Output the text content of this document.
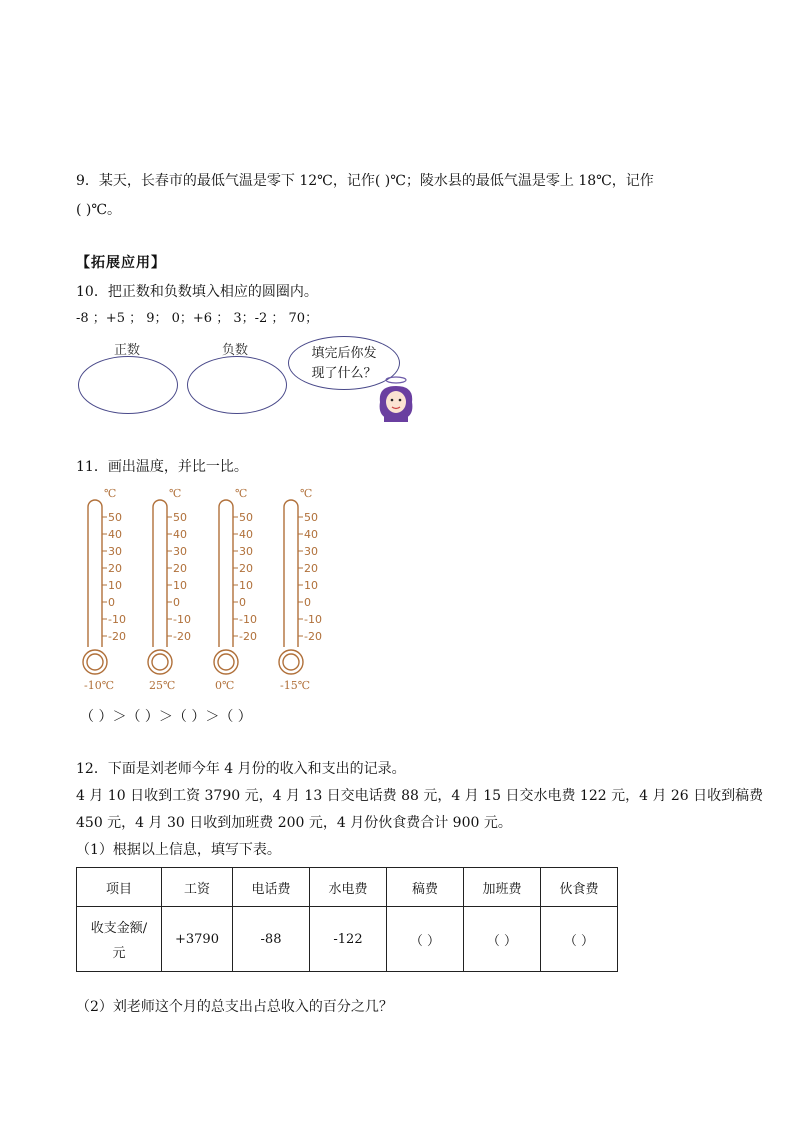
9．某天，长春市的最低气温是零下 12℃，记作( )℃；陵水县的最低气温是零上 18℃，记作
( )℃。
【拓展应用】
10．把正数和负数填入相应的圆圈内。
-8 ；+5 ； 9； 0；+6 ； 3；-2 ； 70；
正数	负数	填完后你发
现了什么？
11．画出温度，并比一比。
℃
50
40
30
20
10
0
-10
-20
-10℃
℃
50
40
30
20
10
0
-10
-20
25℃
℃
50
40
30
20
10
0
-10
-20
0℃
℃
50
40
30
20
10
0
-10
-20
-15℃
（ ）＞（ ）＞（ ）＞（ ）
12．下面是刘老师今年 4 月份的收入和支出的记录。
4 月 10 日收到工资 3790 元，4 月 13 日交电话费 88 元，4 月 15 日交水电费 122 元，4 月 26 日收到稿费
450 元，4 月 30 日收到加班费 200 元，4 月份伙食费合计 900 元。
（1）根据以上信息，填写下表。
项目	工资	电话费	水电费	稿费	加班费	伙食费

收支金额/
元	+3790	-88	-122	（ ）	（ ）	（ ）
（2）刘老师这个月的总支出占总收入的百分之几？
